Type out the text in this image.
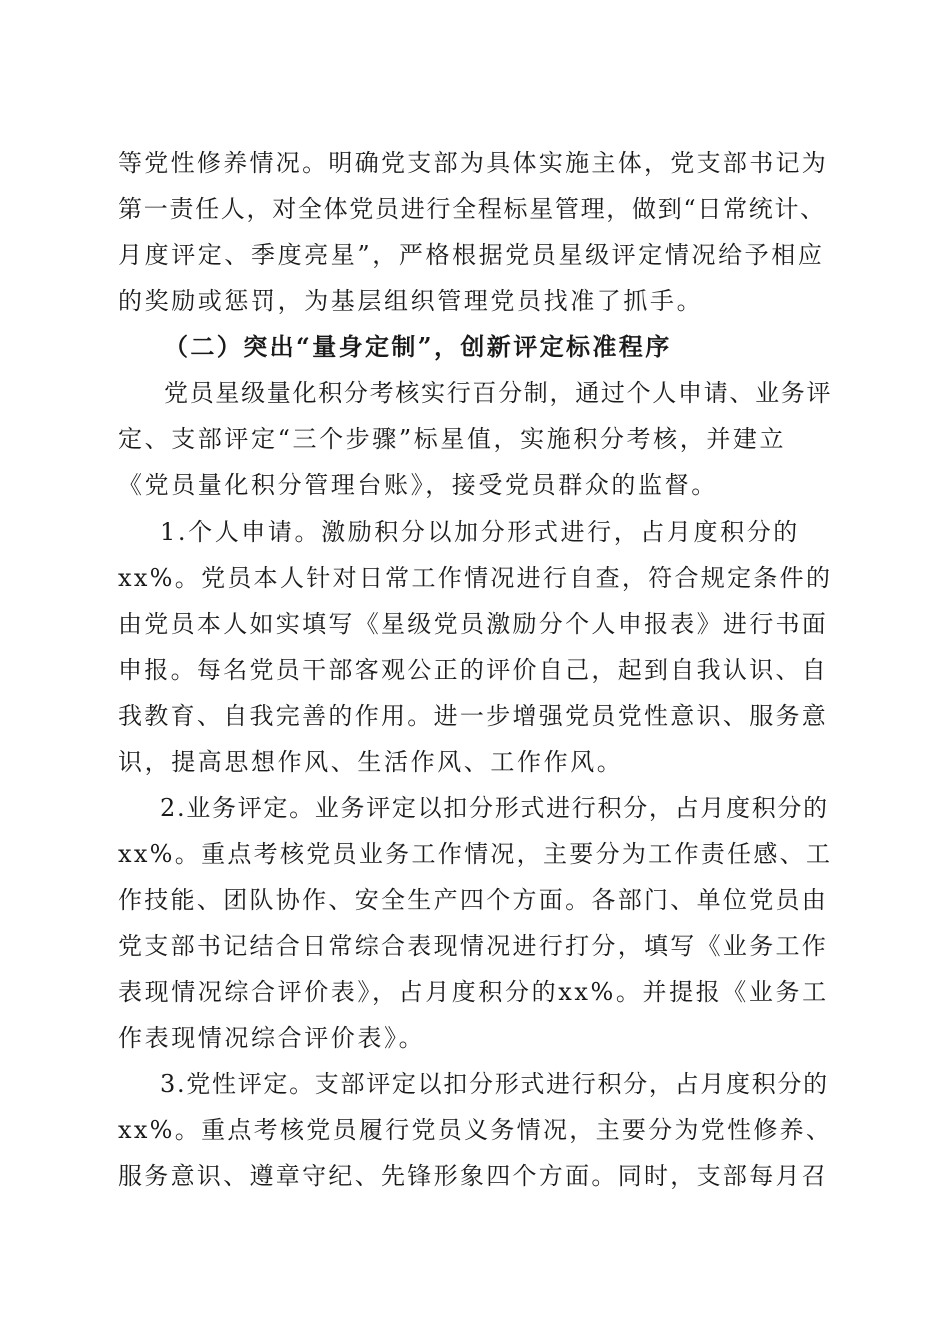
等党性修养情况。明确党支部为具体实施主体，党支部书记为
第一责任人，对全体党员进行全程标星管理，做到“日常统计、
月度评定、季度亮星”，严格根据党员星级评定情况给予相应
的奖励或惩罚，为基层组织管理党员找准了抓手。
（二）突出“量身定制”，创新评定标准程序
党员星级量化积分考核实行百分制，通过个人申请、业务评
定、支部评定“三个步骤”标星值，实施积分考核，并建立
《党员量化积分管理台账》，接受党员群众的监督。
1.个人申请。激励积分以加分形式进行，占月度积分的
xx%。党员本人针对日常工作情况进行自查，符合规定条件的
由党员本人如实填写《星级党员激励分个人申报表》进行书面
申报。每名党员干部客观公正的评价自己，起到自我认识、自
我教育、自我完善的作用。进一步增强党员党性意识、服务意
识，提高思想作风、生活作风、工作作风。
2.业务评定。业务评定以扣分形式进行积分，占月度积分的
xx%。重点考核党员业务工作情况，主要分为工作责任感、工
作技能、团队协作、安全生产四个方面。各部门、单位党员由
党支部书记结合日常综合表现情况进行打分，填写《业务工作
表现情况综合评价表》，占月度积分的xx%。并提报《业务工
作表现情况综合评价表》。
3.党性评定。支部评定以扣分形式进行积分，占月度积分的
xx%。重点考核党员履行党员义务情况，主要分为党性修养、
服务意识、遵章守纪、先锋形象四个方面。同时，支部每月召
